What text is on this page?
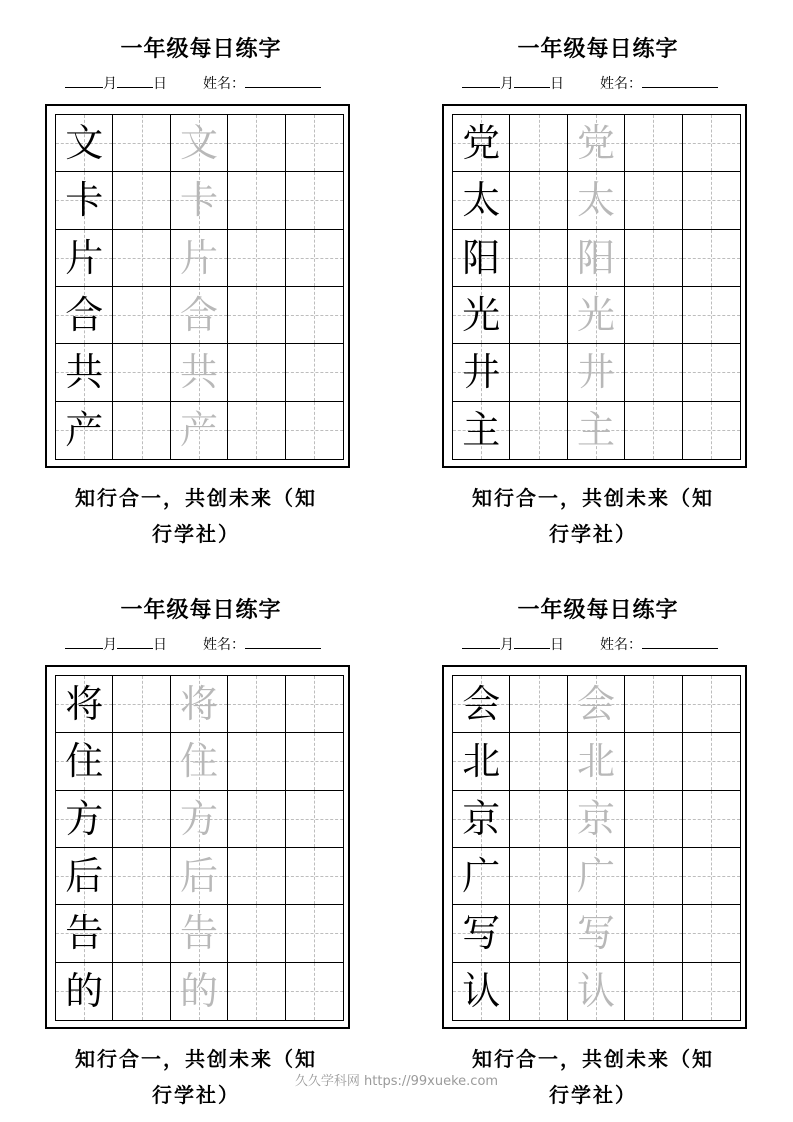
一年级每日练字
月	日	姓名：
文 文
卡 卡
片 片
合 合
共 共
产 产
知行合一，共创未来（知
行学社）
一年级每日练字
月	日	姓名：
党 党
太 太
阳 阳
光 光
井 井
主 主
知行合一，共创未来（知
行学社）
一年级每日练字
月	日	姓名：
将 将
住 住
方 方
后 后
告 告
的 的
知行合一，共创未来（知
行学社）
一年级每日练字
月	日	姓名：
会 会
北 北
京 京
广 广
写 写
认 认
知行合一，共创未来（知
行学社）
久久学科网 https://99xueke.com
